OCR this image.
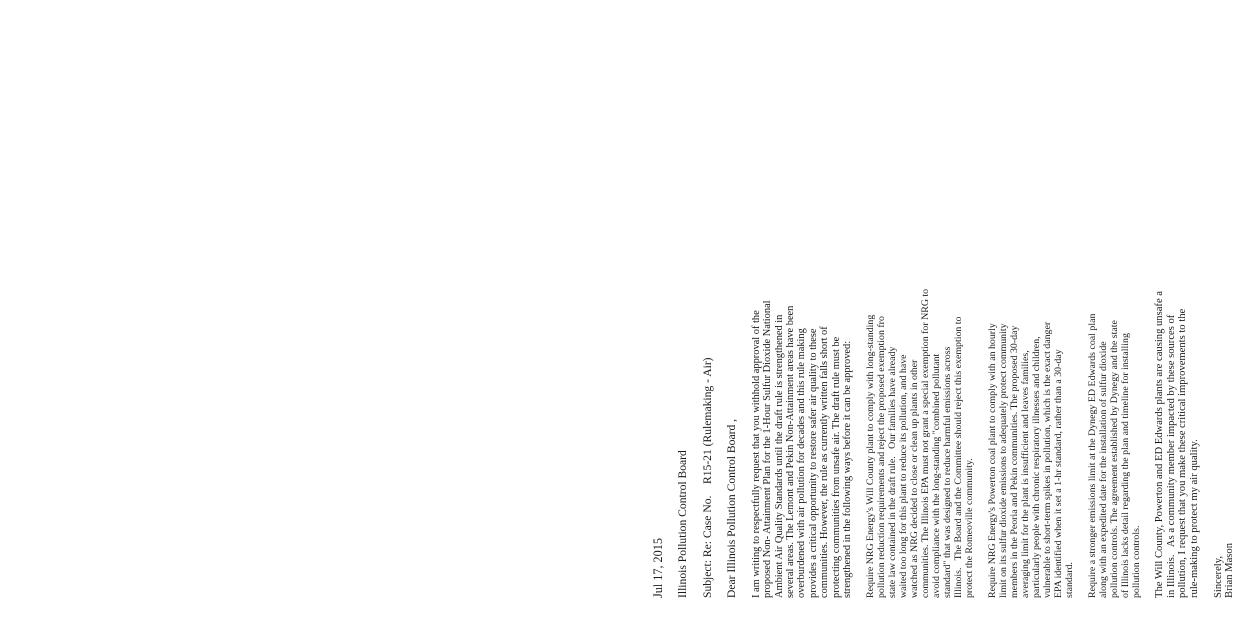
Jul 17, 2015 Illinois Pollution Control Board Subject: Re: Case No.    R15-21 (Rulemaking - Air) Dear Illinois Pollution Control Board , I am writing to respectfully request that you withhold approval of the proposed Non- Attainment Plan for the 1-Hour Sulfur Dioxide National Ambient Air Quality Standards until the draft rule is strengthened in several areas. The Lemont and Pekin Non-Attainment areas have been overburdened with air pollution for decades and this rule making provides a critical opportunity to restore safer air quality to these communities. However, the rule as currently written falls short of protecting communities from unsafe air. The draft rule must be strengthened in the following ways before it can be approved: Require NRG Energy's Will County plant to comply with long-standing pollution reduction requirements and reject the proposed exemption fro state law contained in the draft rule.   Our families have already waited too long for this plant to reduce its pollution, and have watched as NRG decided to close or clean up plants in other communities. The Illinois EPA must not grant a special exemption for NRG to avoid compliance with the long-standing "combined pollutant standard" that was designed to reduce harmful emissions across Illinois.   The Board and the Committee should reject this exemption to protect the Romeoville community. Require NRG Energy's Powerton coal plant to comply with an hourly limit on its sulfur dioxide emissions to adequately protect community members in the Peoria and Pekin communities. The proposed 30-day averaging limit for the plant is insufficient and leaves families, particularly people with chronic respiratory illnesses and children, vulnerable to short-term spikes in pollution, which is the exact danger EPA identified when it set a 1-hr standard, rather than a 30-day standard. Require a stronger emissions limit at the Dynegy ED Edwards coal plan along with an expedited date for the installation of sulfur dioxide pollution controls. The agreement established by Dynegy and the state of Illinois lacks detail regarding the plan and timeline for installing pollution controls. The Will County, Powerton and ED Edwards plants are causing unsafe a in Illinois.   As a community member impacted by these sources of pollution, I request that you make these critical improvements to the rule-making to protect my air quality. Sincerely, Brian Mason
